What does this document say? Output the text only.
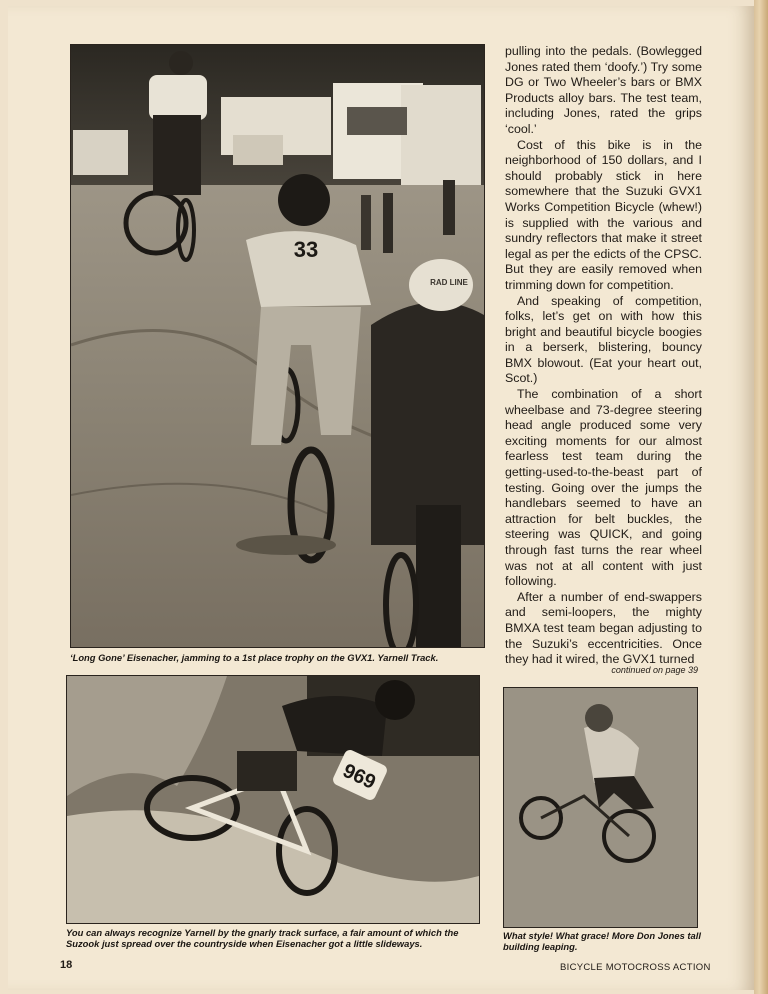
33
RAD LINE
‘Long Gone’ Eisenacher, jamming to a 1st place trophy on the GVX1. Yarnell Track.
969
You can always recognize Yarnell by the gnarly track surface, a fair amount of which the Suzook just spread over the countryside when Eisenacher got a little slideways.
What style! What grace! More Don Jones tall building leaping.

pulling into the pedals. (Bowlegged Jones rated them ‘doofy.’) Try some DG or Two Wheeler’s bars or BMX Products alloy bars. The test team, including Jones, rated the grips ‘cool.’

Cost of this bike is in the neighborhood of 150 dollars, and I should probably stick in here somewhere that the Suzuki GVX1 Works Competition Bicycle (whew!) is supplied with the various and sundry reflectors that make it street legal as per the edicts of the CPSC. But they are easily removed when trimming down for competition.

And speaking of competition, folks, let’s get on with how this bright and beautiful bicycle boogies in a berserk, blistering, bouncy BMX blowout. (Eat your heart out, Scot.)

The combination of a short wheelbase and 73-degree steering head angle produced some very exciting moments for our almost fearless test team during the getting-used-to-the-beast part of testing. Going over the jumps the handlebars seemed to have an attraction for belt buckles, the steering was QUICK, and going through fast turns the rear wheel was not at all content with just following.

After a number of end-swappers and semi-loopers, the mighty BMXA test team began adjusting to the Suzuki’s eccentricities. Once they had it wired, the GVX1 turned

continued on page 39
18	BICYCLE MOTOCROSS ACTION
